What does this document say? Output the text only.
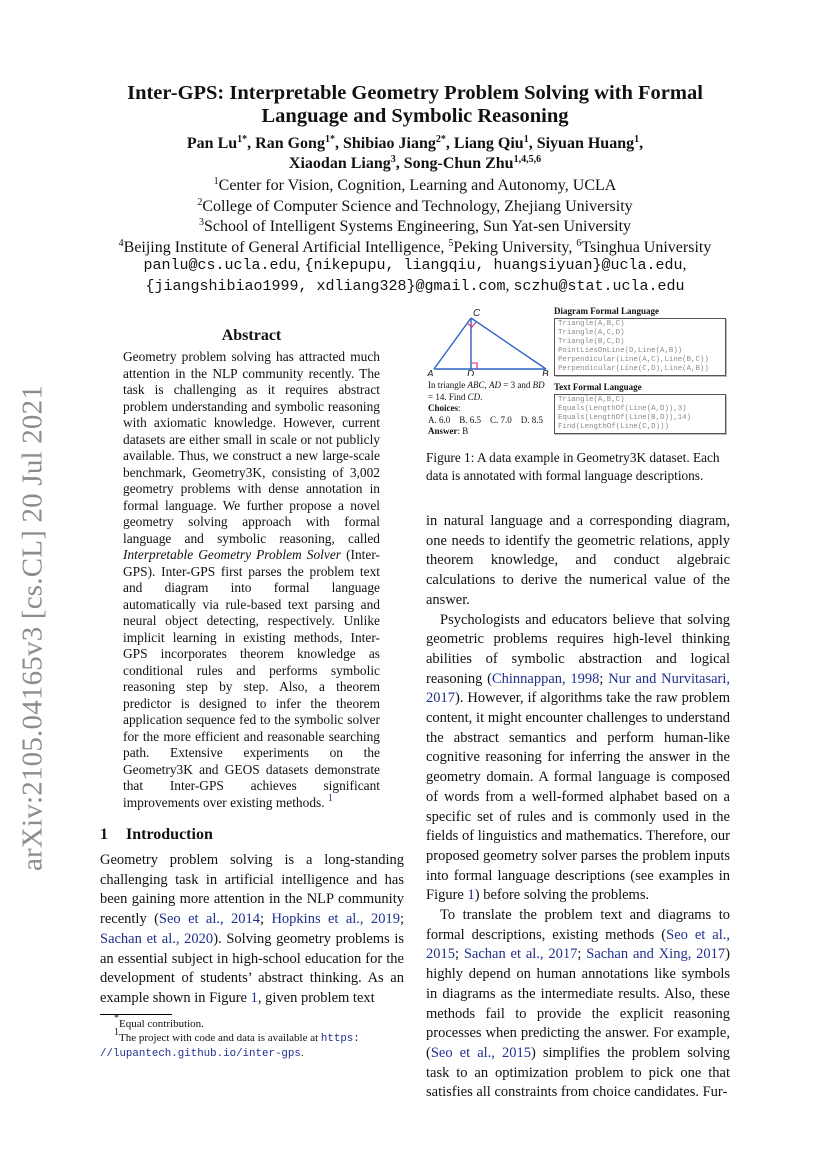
arXiv:2105.04165v3 [cs.CL] 20 Jul 2021
Inter-GPS: Interpretable Geometry Problem Solving with Formal
Language and Symbolic Reasoning
Pan $Lu^{1*}$, Ran Gong$^{1*}$, Shibiao Jiang$^{2*}$, Liang Qiu$^1$, Siyuan Huang$^1$,
Xiaodan Liang$^3$, Song-Chun Zhu$^{1,4,5,6}$
$^1$Center for Vision, Cognition, Learning and Autonomy, UCLA
$^2$College of Computer Science and Technology, Zhejiang University
$^3$School of Intelligent Systems Engineering, Sun Yat-sen University
$^4$Beijing Institute of General Artificial Intelligence, $^5$Peking University, $^6$Tsinghua University
panlu@cs.ucla.edu, {nikepupu, liangqiu, huangsiyuan}@ucla.edu,
{jiangshibiao1999, xdliang328}@gmail.com, sczhu@stat.ucla.edu
Abstract
Geometry problem solving has attracted much attention in the NLP community recently. The task is challenging as it requires abstract problem understanding and symbolic reasoning with axiomatic knowledge. However, current datasets are either small in scale or not publicly available. Thus, we construct a new large-scale benchmark, Geometry3K, consisting of 3,002 geometry problems with dense annotation in formal language. We further propose a novel geometry solving approach with formal language and symbolic reasoning, called Interpretable Geometry Problem Solver (Inter-GPS). Inter-GPS first parses the problem text and diagram into formal language automatically via rule-based text parsing and neural object detecting, respectively. Unlike implicit learning in existing methods, Inter-GPS incorporates theorem knowledge as conditional rules and performs symbolic reasoning step by step. Also, a theorem predictor is designed to infer the theorem application sequence fed to the symbolic solver for the more efficient and reasonable searching path. Extensive experiments on the Geometry3K and GEOS datasets demonstrate that Inter-GPS achieves significant improvements over existing methods. $^1$
1 Introduction

Geometry problem solving is a long-standing challenging task in artificial intelligence and has been gaining more attention in the NLP community recently (Seo et al., 2014; Hopkins et al., 2019; Sachan et al., 2020). Solving geometry problems is an essential subject in high-school education for the development of students’ abstract thinking. As an example shown in Figure 1, given problem text

*Equal contribution.
$^1$The project with code and data is available at https:
//lupantech.github.io/inter-gps.
C
A	D	B
In triangle ABC, AD = 3 and BD = 14. Find CD.
Choices:
A. 6.0    B. 6.5    C. 7.0    D. 8.5
Answer: B
Diagram Formal Language
Triangle(A,B,C)
Triangle(A,C,D)
Triangle(B,C,D)
PointLiesOnLine(D,Line(A,B))
Perpendicular(Line(A,C),Line(B,C))
Perpendicular(Line(C,D),Line(A,B))
Text Formal Language
Triangle(A,B,C)
Equals(LengthOf(Line(A,D)),3)
Equals(LengthOf(Line(B,D)),14)
Find(LengthOf(Line(C,D)))
Figure 1: A data example in Geometry3K dataset. Each data is annotated with formal language descriptions.

in natural language and a corresponding diagram, one needs to identify the geometric relations, apply theorem knowledge, and conduct algebraic calculations to derive the numerical value of the answer.

Psychologists and educators believe that solving geometric problems requires high-level thinking abilities of symbolic abstraction and logical reasoning (Chinnappan, 1998; Nur and Nurvitasari, 2017). However, if algorithms take the raw problem content, it might encounter challenges to understand the abstract semantics and perform human-like cognitive reasoning for inferring the answer in the geometry domain. A formal language is composed of words from a well-formed alphabet based on a specific set of rules and is commonly used in the fields of linguistics and mathematics. Therefore, our proposed geometry solver parses the problem inputs into formal language descriptions (see examples in Figure 1) before solving the problems.

To translate the problem text and diagrams to formal descriptions, existing methods (Seo et al., 2015; Sachan et al., 2017; Sachan and Xing, 2017) highly depend on human annotations like symbols in diagrams as the intermediate results. Also, these methods fail to provide the explicit reasoning processes when predicting the answer. For example, (Seo et al., 2015) simplifies the problem solving task to an optimization problem to pick one that satisfies all constraints from choice candidates. Fur-
